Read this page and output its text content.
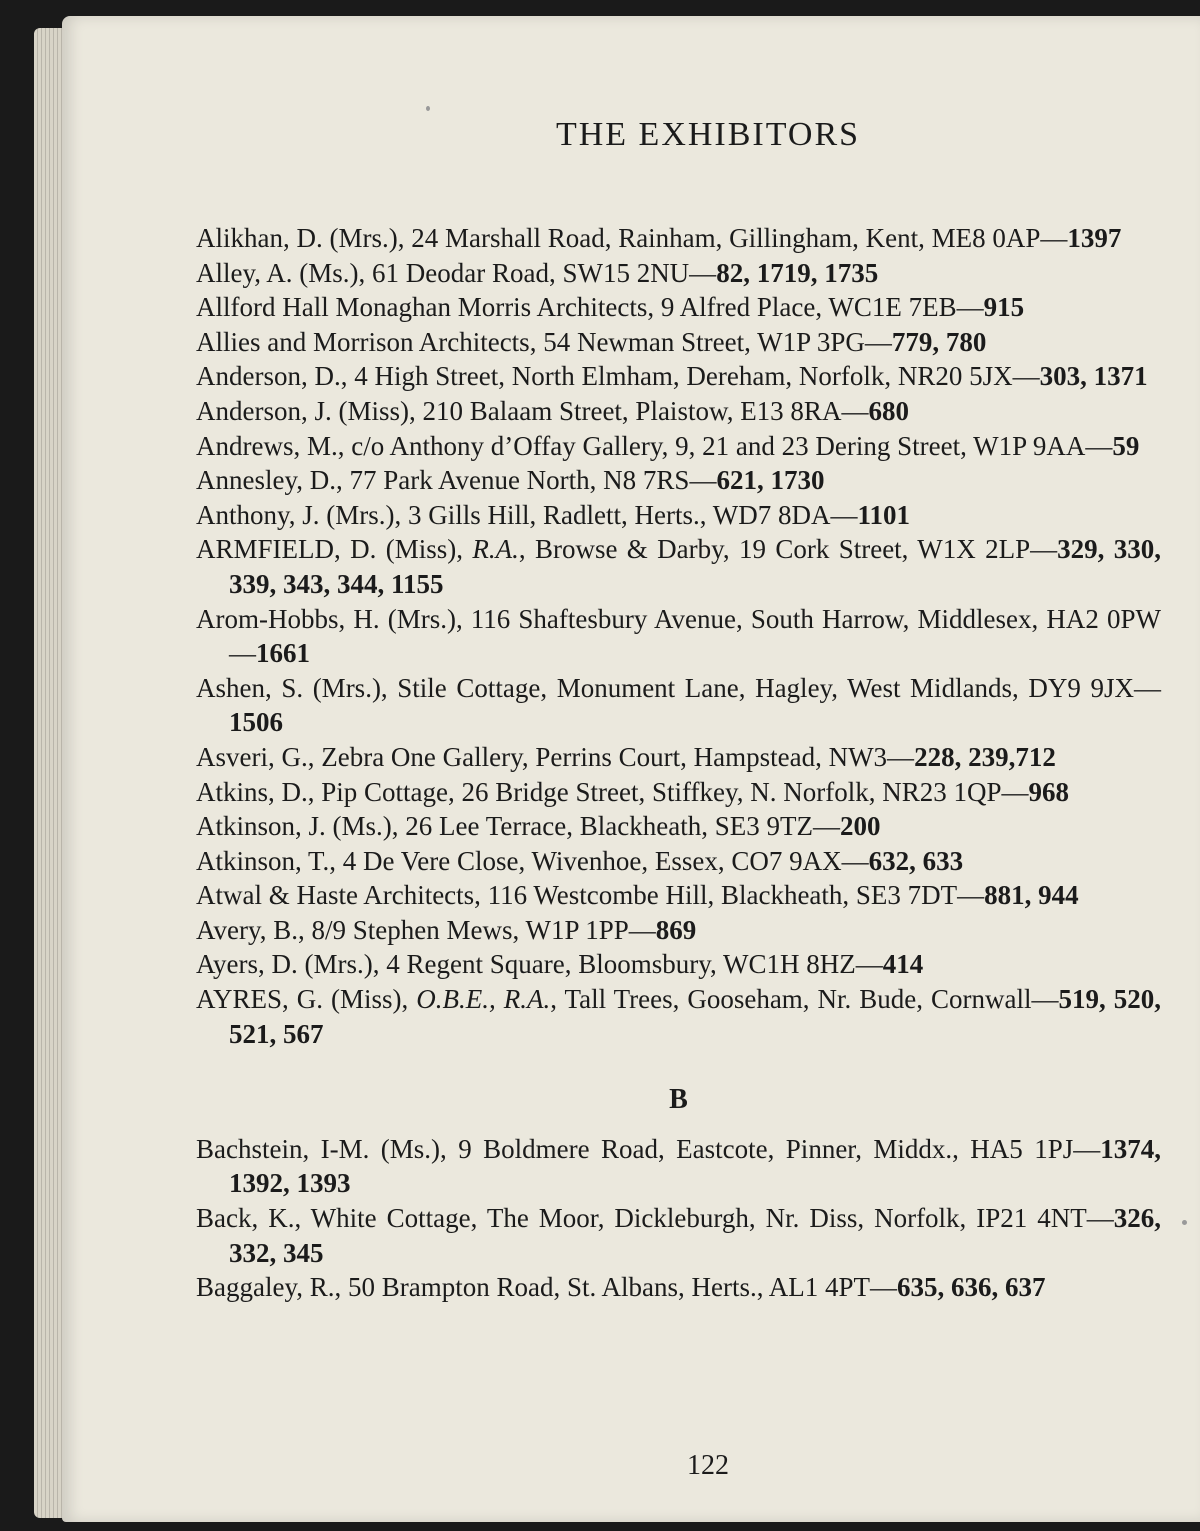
THE EXHIBITORS
Alikhan, D. (Mrs.), 24 Marshall Road, Rainham, Gillingham, Kent, ME8 0AP—1397
Alley, A. (Ms.), 61 Deodar Road, SW15 2NU—82, 1719, 1735
Allford Hall Monaghan Morris Architects, 9 Alfred Place, WC1E 7EB—915
Allies and Morrison Architects, 54 Newman Street, W1P 3PG—779, 780
Anderson, D., 4 High Street, North Elmham, Dereham, Norfolk, NR20 5JX—303, 1371
Anderson, J. (Miss), 210 Balaam Street, Plaistow, E13 8RA—680
Andrews, M., c/o Anthony d’Offay Gallery, 9, 21 and 23 Dering Street, W1P 9AA—59
Annesley, D., 77 Park Avenue North, N8 7RS—621, 1730
Anthony, J. (Mrs.), 3 Gills Hill, Radlett, Herts., WD7 8DA—1101
ARMFIELD, D. (Miss), R.A., Browse & Darby, 19 Cork Street, W1X 2LP—329, 330, 339, 343, 344, 1155
Arom-Hobbs, H. (Mrs.), 116 Shaftesbury Avenue, South Harrow, Middlesex, HA2 0PW—1661
Ashen, S. (Mrs.), Stile Cottage, Monument Lane, Hagley, West Midlands, DY9 9JX—1506
Asveri, G., Zebra One Gallery, Perrins Court, Hampstead, NW3—228, 239,712
Atkins, D., Pip Cottage, 26 Bridge Street, Stiffkey, N. Norfolk, NR23 1QP—968
Atkinson, J. (Ms.), 26 Lee Terrace, Blackheath, SE3 9TZ—200
Atkinson, T., 4 De Vere Close, Wivenhoe, Essex, CO7 9AX—632, 633
Atwal & Haste Architects, 116 Westcombe Hill, Blackheath, SE3 7DT—881, 944
Avery, B., 8/9 Stephen Mews, W1P 1PP—869
Ayers, D. (Mrs.), 4 Regent Square, Bloomsbury, WC1H 8HZ—414
AYRES, G. (Miss), O.B.E., R.A., Tall Trees, Gooseham, Nr. Bude, Cornwall—519, 520, 521, 567
B
Bachstein, I-M. (Ms.), 9 Boldmere Road, Eastcote, Pinner, Middx., HA5 1PJ—1374, 1392, 1393
Back, K., White Cottage, The Moor, Dickleburgh, Nr. Diss, Norfolk, IP21 4NT—326, 332, 345
Baggaley, R., 50 Brampton Road, St. Albans, Herts., AL1 4PT—635, 636, 637
122
